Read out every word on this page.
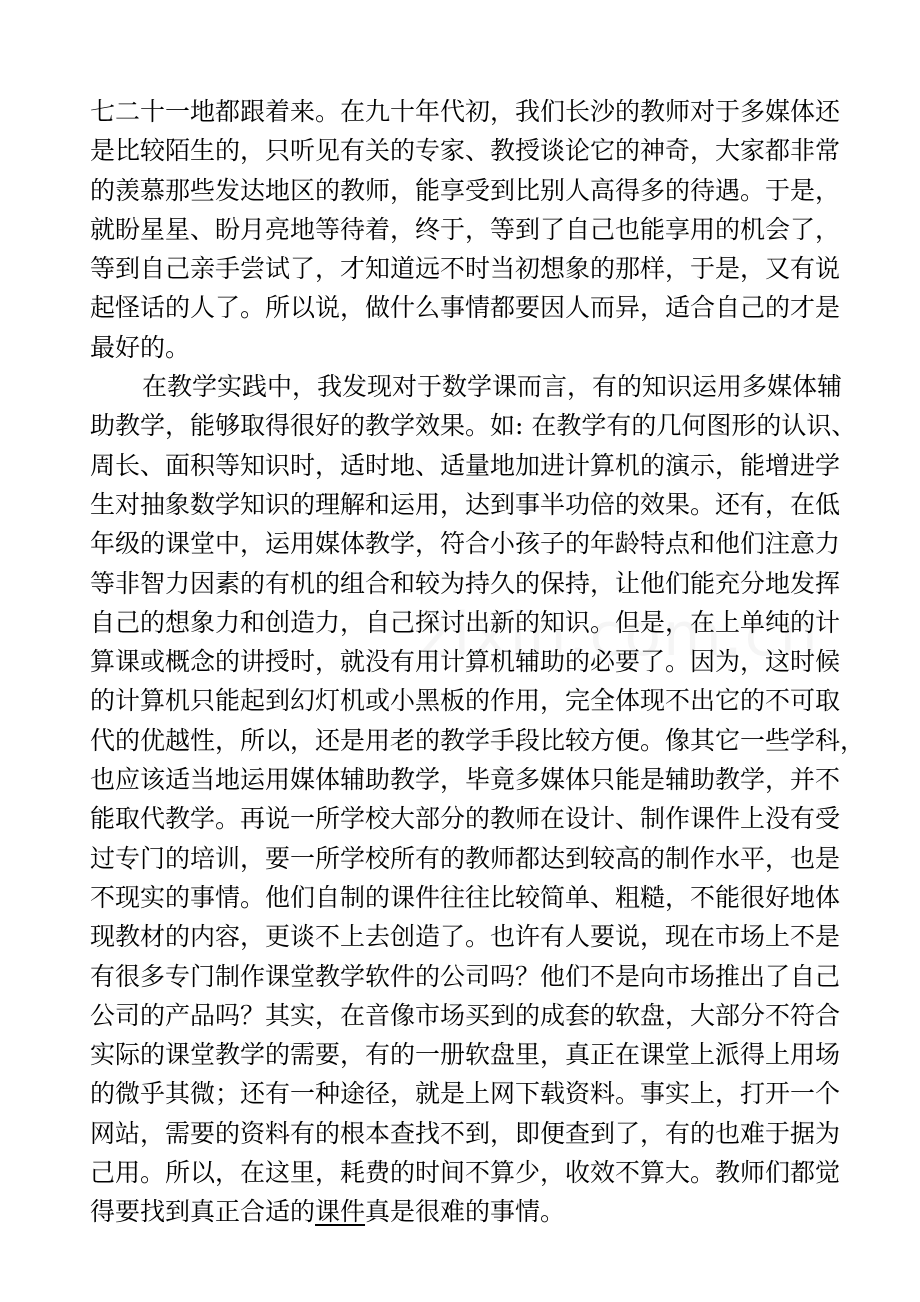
七二十一地都跟着来。在九十年代初，我们长沙的教师对于多媒体还
是比较陌生的，只听见有关的专家、教授谈论它的神奇，大家都非常
的羡慕那些发达地区的教师，能享受到比别人高得多的待遇。于是，
就盼星星、盼月亮地等待着，终于，等到了自己也能享用的机会了，
等到自己亲手尝试了，才知道远不时当初想象的那样，于是，又有说
起怪话的人了。所以说，做什么事情都要因人而异，适合自己的才是
最好的。
在教学实践中，我发现对于数学课而言，有的知识运用多媒体辅
助教学，能够取得很好的教学效果。如: 在教学有的几何图形的认识、
周长、面积等知识时，适时地、适量地加进计算机的演示，能增进学
生对抽象数学知识的理解和运用，达到事半功倍的效果。还有，在低
年级的课堂中，运用媒体教学，符合小孩子的年龄特点和他们注意力
等非智力因素的有机的组合和较为持久的保持，让他们能充分地发挥
自己的想象力和创造力，自己探讨出新的知识。但是，在上单纯的计
算课或概念的讲授时，就没有用计算机辅助的必要了。因为，这时候
的计算机只能起到幻灯机或小黑板的作用，完全体现不出它的不可取
代的优越性，所以，还是用老的教学手段比较方便。像其它一些学科，
也应该适当地运用媒体辅助教学，毕竟多媒体只能是辅助教学，并不
能取代教学。再说一所学校大部分的教师在设计、制作课件上没有受
过专门的培训，要一所学校所有的教师都达到较高的制作水平，也是
不现实的事情。他们自制的课件往往比较简单、粗糙，不能很好地体
现教材的内容，更谈不上去创造了。也许有人要说，现在市场上不是
有很多专门制作课堂教学软件的公司吗？他们不是向市场推出了自己
公司的产品吗？其实，在音像市场买到的成套的软盘，大部分不符合
实际的课堂教学的需要，有的一册软盘里，真正在课堂上派得上用场
的微乎其微；还有一种途径，就是上网下载资料。事实上，打开一个
网站，需要的资料有的根本查找不到，即便查到了，有的也难于据为
己用。所以，在这里，耗费的时间不算少，收效不算大。教师们都觉
得要找到真正合适的课件真是很难的事情。
